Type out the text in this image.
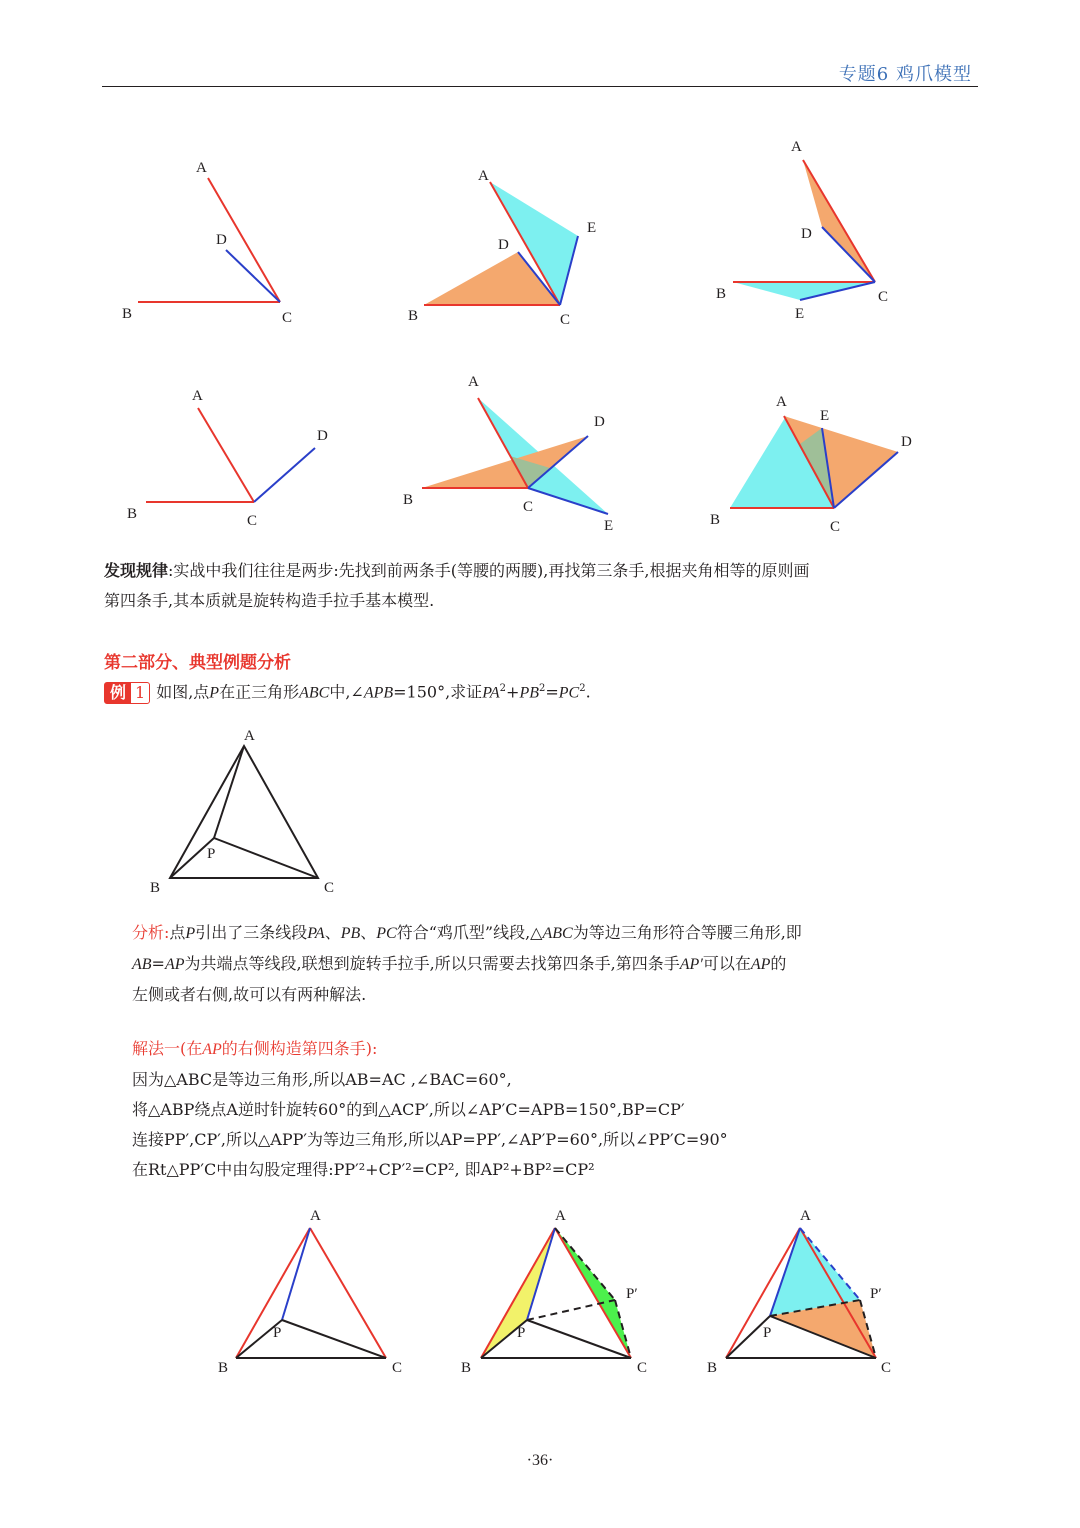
专题6 鸡爪模型
A
D
B	C
A
E
D
B	C
A
D
B	C
E
A
D
B	C
A
D
B	C
E
A
E
D
B	C
发现规律:实战中我们往往是两步:先找到前两条手(等腰的两腰),再找第三条手,根据夹角相等的原则画
第四条手,其本质就是旋转构造手拉手基本模型.
第二部分、典型例题分析
例 1 如图,点P在正三角形ABC中,∠APB=150°,求证$PA^2+PB^2=PC^2$.
A
P
B	C
分析:点P引出了三条线段PA、PB、PC符合“鸡爪型”线段,△ABC为等边三角形符合等腰三角形,即
AB=AP为共端点等线段,联想到旋转手拉手,所以只需要去找第四条手,第四条手AP′可以在AP的
左侧或者右侧,故可以有两种解法.
解法一(在AP的右侧构造第四条手):
因为△ABC是等边三角形,所以AB=AC ,∠BAC=60°,
将△ABP绕点A逆时针旋转60°的到△ACP′,所以∠AP′C=APB=150°,BP=CP′
连接PP′,CP′,所以△APP′为等边三角形,所以AP=PP′,∠AP′P=60°,所以∠PP′C=90°
在Rt△PP′C中由勾股定理得:PP′²+CP′²=CP², 即AP²+BP²=CP²
A
P
B	C
A
P′
P
B	C
A
P′
P
B	C
·36·
